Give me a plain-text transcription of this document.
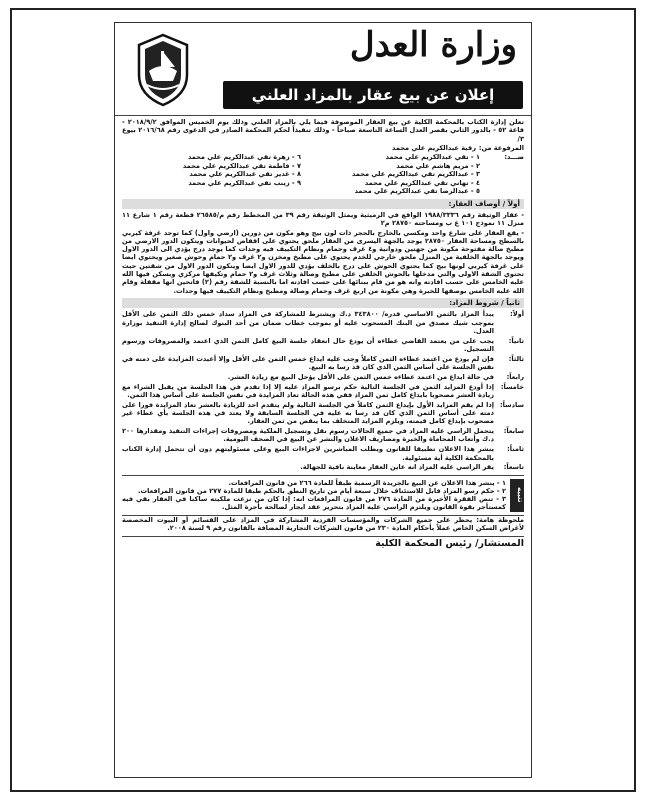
وزارة العدل
إعلان عن بيع عقار بالمزاد العلني

تعلن إدارة الكتاب بالمحكمة الكلية عن بيع العقار الموصوفة فيما يلي بالمزاد العلني وذلك يوم الخميس الموافق ٢٠١٨/٩/٢ - قاعة ٥٢ - بالدور الثاني بقصر العدل الساعة التاسعة صباحاً - وذلك تنفيذاً لحكم المحكمة الصادر في الدعوى رقم ٢٠١٦/٦٨ بيوع ٣/

المرفوعة من:
رقية عبدالكريم علي محمد
ضـــد:
١ - تقي عبدالكريم علي محمد
٢ - مريم هاشم علي محمد
٣ - عبدالكريم تقي عبدالكريم علي محمد
٤ - تهاني تقي عبدالكريم علي محمد
٥ - عبدالرضا تقي عبدالكريم علي محمد
٦ - زهرة تقي عبدالكريم علي محمد
٧ - فاطمة تقي عبدالكريم علي محمد
٨ - غدير تقي عبدالكريم علي محمد
٩ - زينب تقي عبدالكريم علي محمد
أولاً / أوصاف العقار:

- عقار الوثيقة رقم ١٩٨٨/٣٣٣٦ الواقع في الرميثية ويمثل الوثيقة رقم ٣٩ من المخطط رقم م/٢٦٥٨٥ قطعة رقم ١ شارع ١١ منزل ١١ نموذج ١٠١ غ ب ومساحته ٢٨٧٥٠ م٢

- يقع العقار على شارع واحد ومكسي بالخارج بالحجر ذات لون بيج وهو مكون من دورين (ارضي واول) كما توجد غرفة كيربي بالسطح ومساحة العقار ٢٨٧٥٠ يوجد بالجهة اليسرى من العقار ملحق يحتوي على اقفاص لحيوانات ويتكون الدور الارضي من مطبخ صالة مفتوحة مكونة من جهتين ودوانية و٤ غرف وحمام ونظام التكييف فيه وحدات كما يوجد درج يؤدي الى الدور الاول ويوجد بالجهة الخلفية من المنزل ملحق خارجي للخدم يحتوي على مطبخ ومخزن و٢ غرف و٢ حمام وحوش صغير ويحتوي ايضا على غرفة كيربي لونها بيج كما يحتوي الحوش على درج بالخلف يؤدي للدور الاول ايضا ويتكون الدور الاول من شقتين حيث تحتوي الشقة الاولى والتي مدخلها بالحوش الخلفي على مطبخ وصالة وثلاث غرف و٢ حمام وتكيفها مركزي ويسكن فيها الله عليه الخامس على حسب افادته وانه هو من قام ببنائها على حسب افادته اما بالنسبة للشقة رقم (٢) فاتحين انها مقفلة وقام الله عليه الخامس بوصفها للخبرة وهي مكونة من اربع غرف وحمام وصالة ومطبخ ونظام التكييف فيها وحدات.

ثانياً / شروط المزاد:
أولاً:
يبدأ المزاد بالثمن الاساسي قدره/ ٣٤٣٨٠٠ د.ك ويشترط للمشاركة في المزاد سداد خمس ذلك الثمن على الأقل بموجب شيك مصدق من البنك المسحوب عليه أو بموجب خطاب ضمان من أحد البنوك لصالح إدارة التنفيذ بوزارة العدل.
ثانياً:
يجب على من يعتمد القاضي عطاءه أن يودع حال انعقاد جلسة البيع كامل الثمن الذي اعتمد والمصروفات ورسوم التسجيل.
ثالثاً:
فإن لم يودع من اعتمد عطاءه الثمن كاملاً وجب عليه ايداع خمس الثمن على الأقل وإلا أعيدت المزايدة على ذمته في نفس الجلسة على أساس الثمن الذي كان قد رسا به البيع.
رابعاً:
في حالة ايداع من اعتمد عطاءه خمس الثمن على الأقل يؤجل البيع مع زيادة العشر.
خامساً:
إذا أودع المزايد الثمن في الجلسة التالية حكم برسو المزاد عليه إلا إذا تقدم في هذا الجلسة من يقبل الشراء مع زيادة العشر مصحوبا بايداع كامل ثمن المزاد ففي هذه الحالة تعاد المزايدة في نفس الجلسة على أساس هذا الثمن.
سادساً:
إذا لم يقم المزايد الأول بإيداع الثمن كاملاً في الجلسة التالية ولم يتقدم احد للزيادة بالعشر تعاد المزايدة فورا على ذمته على أساس الثمن الذي كان قد رسا به عليه في الجلسة السابقة ولا يعتد في هذه الجلسة بأي عطاء غير مصحوب بإيداع كامل قيمته، ويلزم المزايد المتخلف بما ينقص من ثمن العقار.
سابعاً:
يتحمل الراسي عليه المزاد في جميع الحالات رسوم نقل وتسجيل الملكية ومصروفات إجراءات التنفيذ ومقدارها ٢٠٠ د.ك وأتعاب المحاماة والخبرة ومصاريف الاعلان والنشر عن البيع في الصحف اليومية.
ثامناً:
ينشر هذا الاعلان تطبيقا للقانون ويطلب المباشرين لاجراءات البيع وعلى مسئوليتهم دون أن تتحمل إدارة الكتاب بالمحكمة الكلية أية مسئولية.
تاسعاً:
يقر الراسي عليه المزاد انه عاين العقار معاينة نافية للجهالة.
تنبيه
١ - ينشر هذا الاعلان عن البيع بالجريدة الرسمية طبقاً للمادة ٢٦٦ من قانون المرافعات.
٢ - حكم رسو المزاد قابل للاستئناف خلال سبعة أيام من تاريخ النطق بالحكم طبقا للمادة ٢٧٧ من قانون المرافعات.
٣ - تنص الفقرة الأخيرة من المادة ٢٧٦ من قانون المرافعات انه: إذا كان من نزعت ملكيته ساكنا في العقار بقي فيه كمستأجر بقوة القانون ويلتزم الراسي عليه المزاد بتحرير عقد ايجار لصالحه بأجرة المثل.

ملحوظة هامة: يحظر على جميع الشركات والمؤسسات الفردية المشاركة في المزاد على القسائم أو البيوت المخصصة لأغراض السكن الخاص عملاً بأحكام المادة ٢٣٠ من قانون الشركات التجارية المضافة بالقانون رقم ٩ لسنة ٢٠٠٨.

المستشار/ رئيس المحكمة الكلية
